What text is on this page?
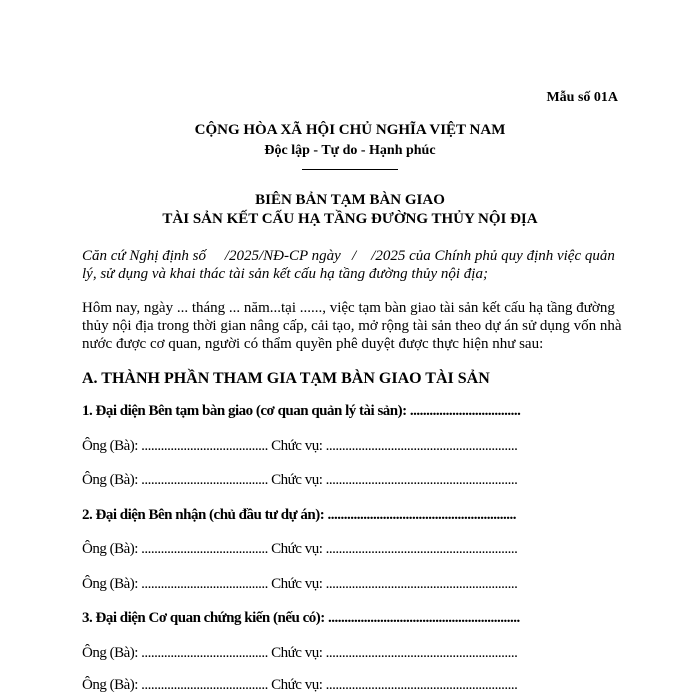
Mẫu số 01A
CỘNG HÒA XÃ HỘI CHỦ NGHĨA VIỆT NAM
Độc lập - Tự do - Hạnh phúc
BIÊN BẢN TẠM BÀN GIAO
TÀI SẢN KẾT CẤU HẠ TẦNG ĐƯỜNG THỦY NỘI ĐỊA
Căn cứ Nghị định số     /2025/NĐ-CP ngày   /    /2025 của Chính phủ quy định việc quản
lý, sử dụng và khai thác tài sản kết cấu hạ tầng đường thủy nội địa;
Hôm nay, ngày ... tháng ... năm...tại ......, việc tạm bàn giao tài sản kết cấu hạ tầng đường
thủy nội địa trong thời gian nâng cấp, cải tạo, mở rộng tài sản theo dự án sử dụng vốn nhà
nước được cơ quan, người có thẩm quyền phê duyệt được thực hiện như sau:
A. THÀNH PHẦN THAM GIA TẠM BÀN GIAO TÀI SẢN
1. Đại diện Bên tạm bàn giao (cơ quan quản lý tài sản): ..................................
Ông (Bà): ....................................... Chức vụ: ...........................................................
Ông (Bà): ....................................... Chức vụ: ...........................................................
2. Đại diện Bên nhận (chủ đầu tư dự án): ..........................................................
Ông (Bà): ....................................... Chức vụ: ...........................................................
Ông (Bà): ....................................... Chức vụ: ...........................................................
3. Đại diện Cơ quan chứng kiến (nếu có): ...........................................................
Ông (Bà): ....................................... Chức vụ: ...........................................................
Ông (Bà): ....................................... Chức vụ: ...........................................................
